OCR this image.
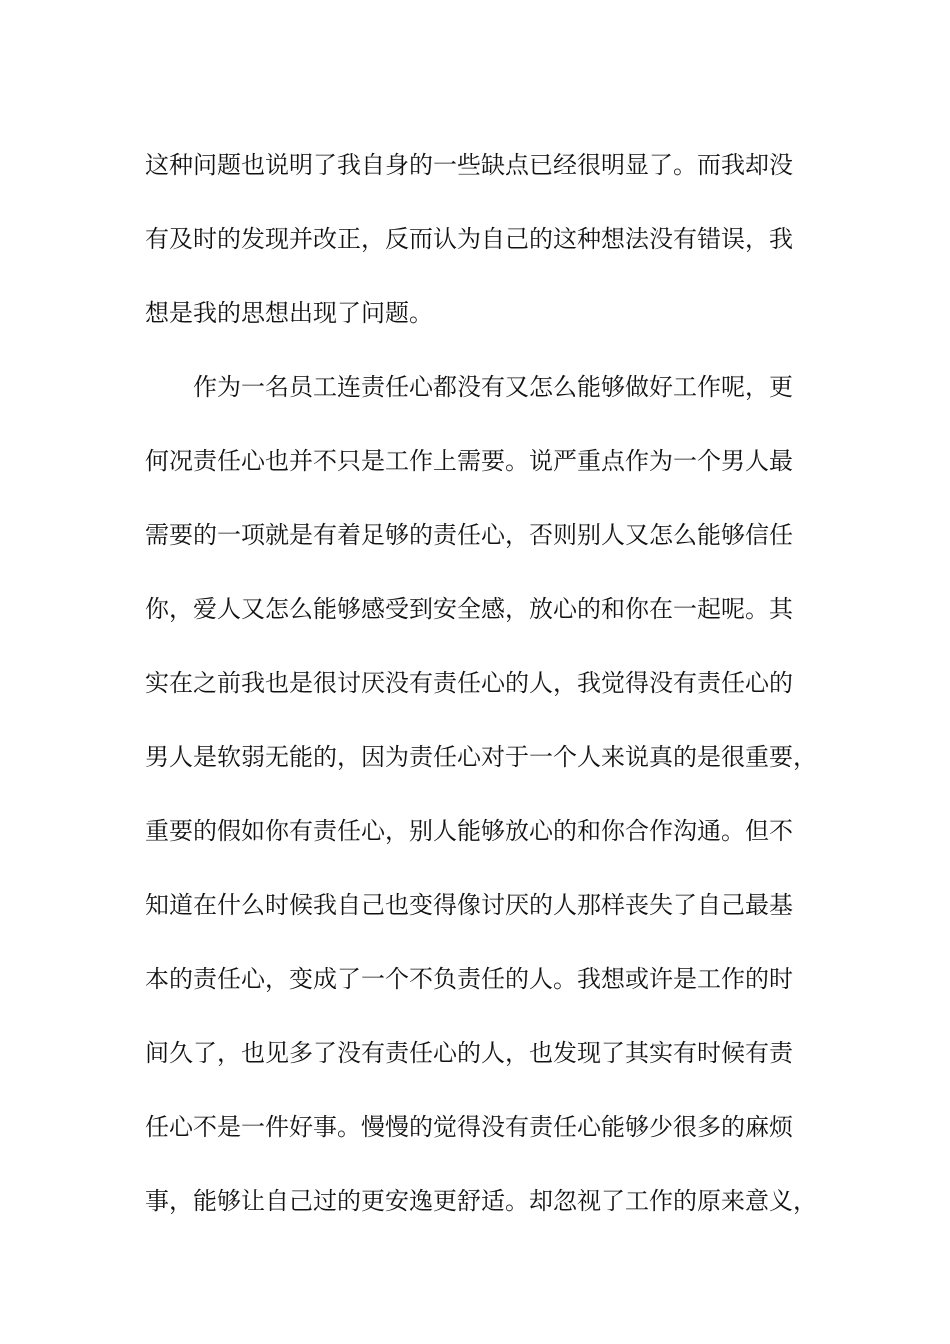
这种问题也说明了我自身的一些缺点已经很明显了。而我却没
有及时的发现并改正，反而认为自己的这种想法没有错误，我
想是我的思想出现了问题。
作为一名员工连责任心都没有又怎么能够做好工作呢，更
何况责任心也并不只是工作上需要。说严重点作为一个男人最
需要的一项就是有着足够的责任心，否则别人又怎么能够信任
你，爱人又怎么能够感受到安全感，放心的和你在一起呢。其
实在之前我也是很讨厌没有责任心的人，我觉得没有责任心的
男人是软弱无能的，因为责任心对于一个人来说真的是很重要，
重要的假如你有责任心，别人能够放心的和你合作沟通。但不
知道在什么时候我自己也变得像讨厌的人那样丧失了自己最基
本的责任心，变成了一个不负责任的人。我想或许是工作的时
间久了，也见多了没有责任心的人，也发现了其实有时候有责
任心不是一件好事。慢慢的觉得没有责任心能够少很多的麻烦
事，能够让自己过的更安逸更舒适。却忽视了工作的原来意义，
